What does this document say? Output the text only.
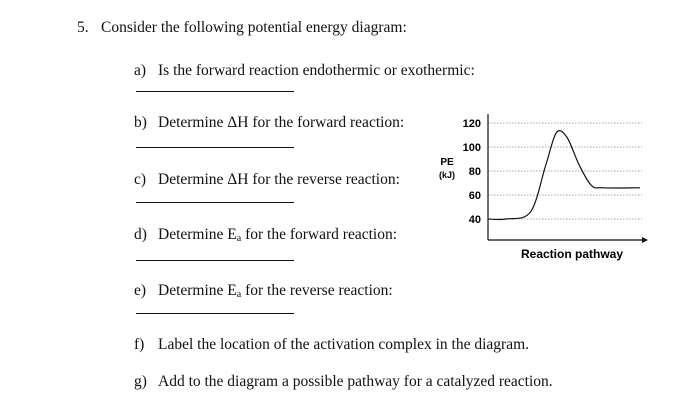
5. Consider the following potential energy diagram:
a) Is the forward reaction endothermic or exothermic:
b) Determine ΔH for the forward reaction:
c) Determine ΔH for the reverse reaction:
d) Determine $E_a$ for the forward reaction:
e) Determine $E_a$ for the reverse reaction:
f) Label the location of the activation complex in the diagram.
g) Add to the diagram a possible pathway for a catalyzed reaction.
120
100
80
60
40
PE
(kJ)
Reaction pathway
